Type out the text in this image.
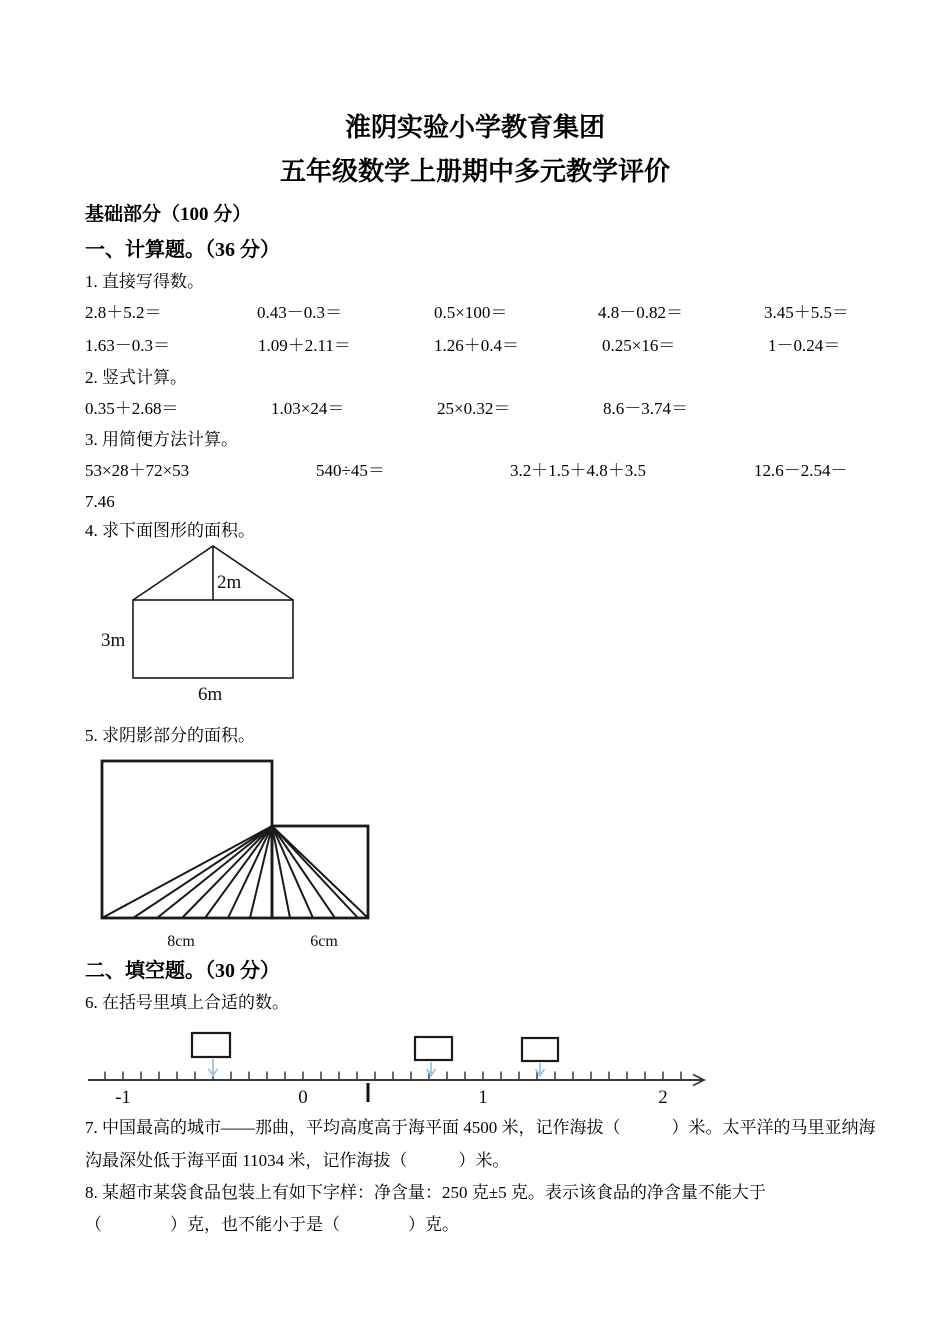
淮阴实验小学教育集团
五年级数学上册期中多元教学评价
基础部分（100 分）
一、计算题。（36 分）
1. 直接写得数。
2.8＋5.2＝	0.43－0.3＝	0.5×100＝	4.8－0.82＝	3.45＋5.5＝
1.63－0.3＝	1.09＋2.11＝	1.26＋0.4＝	0.25×16＝	1－0.24＝
2. 竖式计算。
0.35＋2.68＝	1.03×24＝	25×0.32＝	8.6－3.74＝
3. 用简便方法计算。
53×28＋72×53	540÷45＝	3.2＋1.5＋4.8＋3.5	12.6－2.54－
7.46
4. 求下面图形的面积。
2m
3m
6m
5. 求阴影部分的面积。
8cm	6cm
二、填空题。（30 分）
6. 在括号里填上合适的数。
-1	0	1	2
7. 中国最高的城市——那曲，平均高度高于海平面 4500 米，记作海拔（　　　）米。太平洋的马里亚纳海
沟最深处低于海平面 11034 米，记作海拔（　　　）米。
8. 某超市某袋食品包装上有如下字样：净含量：250 克±5 克。表示该食品的净含量不能大于
（　　　　）克，也不能小于是（　　　　）克。
